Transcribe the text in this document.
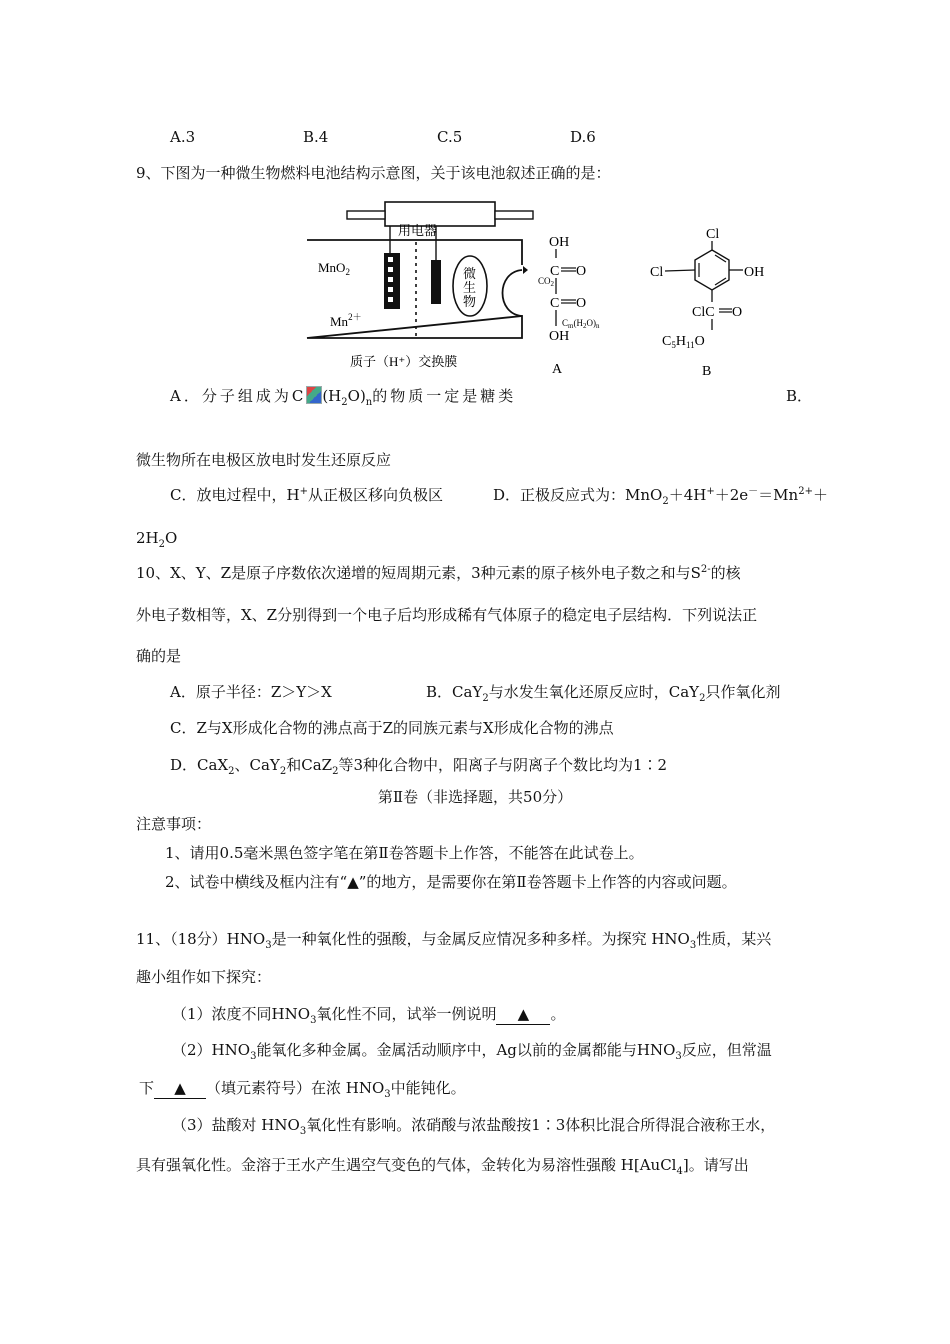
A.3	B.4	C.5	D.6
9、下图为一种微生物燃料电池结构示意图，关于该电池叙述正确的是：
用电器
MnO$_2$
$Mn^{2+}$
微
生
物
质子（H⁺）交换膜
OH
C O
$CO_2$
C O
$C_m(H_2O)_n$
OH
A
Cl
Cl	OH
ClC O
$C_5H_{11}O$
B
A．分子组成为C $(H_2O)_n$的物质一定是糖类	B．
微生物所在电极区放电时发生还原反应
C．放电过程中，H+从正极区移向负极区	D．正极反应式为：$MnO_2+4H^++2e^-=Mn^{2+}+$
$2H_2O$
10、X、Y、Z是原子序数依次递增的短周期元素，3种元素的原子核外电子数之和与$S^{2-}$的核
外电子数相等，X、Z分别得到一个电子后均形成稀有气体原子的稳定电子层结构．下列说法正
确的是
A．原子半径：Z＞Y＞X	B．CaY$_2$与水发生氧化还原反应时，CaY$_2$只作氧化剂
C．Z与X形成化合物的沸点高于Z的同族元素与X形成化合物的沸点
D．CaX$_2$、CaY$_2$和CaZ$_2$等3种化合物中，阳离子与阴离子个数比均为1∶2
第Ⅱ卷（非选择题，共50分）
注意事项：
1、请用0.5毫米黑色签字笔在第Ⅱ卷答题卡上作答，不能答在此试卷上。
2、试卷中横线及框内注有“▲”的地方，是需要你在第Ⅱ卷答题卡上作答的内容或问题。
11、（18分）$HNO_3$是一种氧化性的强酸，与金属反应情况多种多样。为探究 $HNO_3$性质，某兴
趣小组作如下探究：
（1）浓度不同$HNO_3$氧化性不同，试举一例说明 ▲ 。
$(2)HNO_3$能氧化多种金属。金属活动顺序中，Ag以前的金属都能与$HNO_3$反应，但常温
下 ▲ （填元素符号）在浓 $HNO_3$中能钝化。
（3）盐酸对 $HNO_3$氧化性有影响。浓硝酸与浓盐酸按1∶3体积比混合所得混合液称王水，
具有强氧化性。金溶于王水产生遇空气变色的气体，金转化为易溶性强酸 H[AuCl$_4$]。请写出
